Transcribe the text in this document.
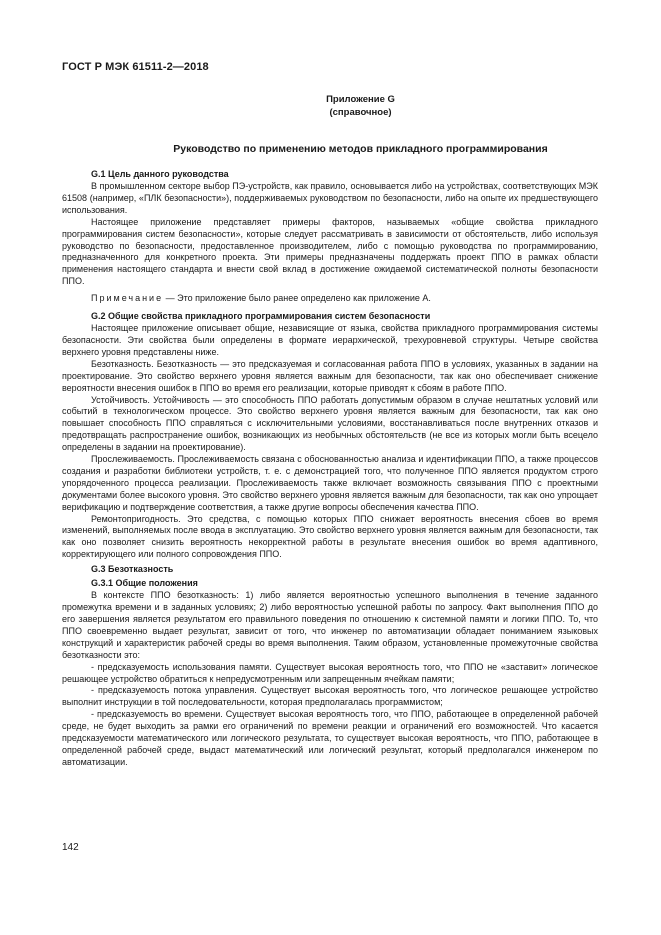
ГОСТ Р МЭК 61511-2—2018
Приложение G
(справочное)
Руководство по применению методов прикладного программирования
G.1 Цель данного руководства

В промышленном секторе выбор ПЭ-устройств, как правило, основывается либо на устройствах, соответствующих МЭК 61508 (например, «ПЛК безопасности»), поддерживаемых руководством по безопасности, либо на опыте их предшествующего использования.

Настоящее приложение представляет примеры факторов, называемых «общие свойства прикладного программирования систем безопасности», которые следует рассматривать в зависимости от обстоятельств, либо используя руководство по безопасности, предоставленное производителем, либо с помощью руководства по программированию, предназначенного для конкретного проекта. Эти примеры предназначены поддержать проект ППО в рамках области применения настоящего стандарта и внести свой вклад в достижение ожидаемой систематической полноты безопасности ППО.

Примечание — Это приложение было ранее определено как приложение А.

G.2 Общие свойства прикладного программирования систем безопасности

Настоящее приложение описывает общие, независящие от языка, свойства прикладного программирования системы безопасности. Эти свойства были определены в формате иерархической, трехуровневой структуры. Четыре свойства верхнего уровня представлены ниже.

Безотказность. Безотказность — это предсказуемая и согласованная работа ППО в условиях, указанных в задании на проектирование. Это свойство верхнего уровня является важным для безопасности, так как оно обеспечивает снижение вероятности внесения ошибок в ППО во время его реализации, которые приводят к сбоям в работе ППО.

Устойчивость. Устойчивость — это способность ППО работать допустимым образом в случае нештатных условий или событий в технологическом процессе. Это свойство верхнего уровня является важным для безопасности, так как оно повышает способность ППО справляться с исключительными условиями, восстанавливаться после внутренних отказов и предотвращать распространение ошибок, возникающих из необычных обстоятельств (не все из которых могли быть всецело определены в задании на проектирование).

Прослеживаемость. Прослеживаемость связана с обоснованностью анализа и идентификации ППО, а также процессов создания и разработки библиотеки устройств, т. е. с демонстрацией того, что полученное ППО является продуктом строго упорядоченного процесса реализации. Прослеживаемость также включает возможность связывания ППО с проектными документами более высокого уровня. Это свойство верхнего уровня является важным для безопасности, так как оно упрощает верификацию и подтверждение соответствия, а также другие вопросы обеспечения качества ППО.

Ремонтопригодность. Это средства, с помощью которых ППО снижает вероятность внесения сбоев во время изменений, выполняемых после ввода в эксплуатацию. Это свойство верхнего уровня является важным для безопасности, так как оно позволяет снизить вероятность некорректной работы в результате внесения ошибок во время адаптивного, корректирующего или полного сопровождения ППО.

G.3 Безотказность
G.3.1 Общие положения

В контексте ППО безотказность: 1) либо является вероятностью успешного выполнения в течение заданного промежутка времени и в заданных условиях; 2) либо вероятностью успешной работы по запросу. Факт выполнения ППО до его завершения является результатом его правильного поведения по отношению к системной памяти и логики ППО. То, что ППО своевременно выдает результат, зависит от того, что инженер по автоматизации обладает пониманием языковых конструкций и характеристик рабочей среды во время выполнения. Таким образом, установленные промежуточные свойства безотказности это:

- предсказуемость использования памяти. Существует высокая вероятность того, что ППО не «заставит» логическое решающее устройство обратиться к непредусмотренным или запрещенным ячейкам памяти;

- предсказуемость потока управления. Существует высокая вероятность того, что логическое решающее устройство выполнит инструкции в той последовательности, которая предполагалась программистом;

- предсказуемость во времени. Существует высокая вероятность того, что ППО, работающее в определенной рабочей среде, не будет выходить за рамки его ограничений по времени реакции и ограничений его возможностей. Что касается предсказуемости математического или логического результата, то существует высокая вероятность, что ППО, работающее в определенной рабочей среде, выдаст математический или логический результат, который предполагался инженером по автоматизации.

142
